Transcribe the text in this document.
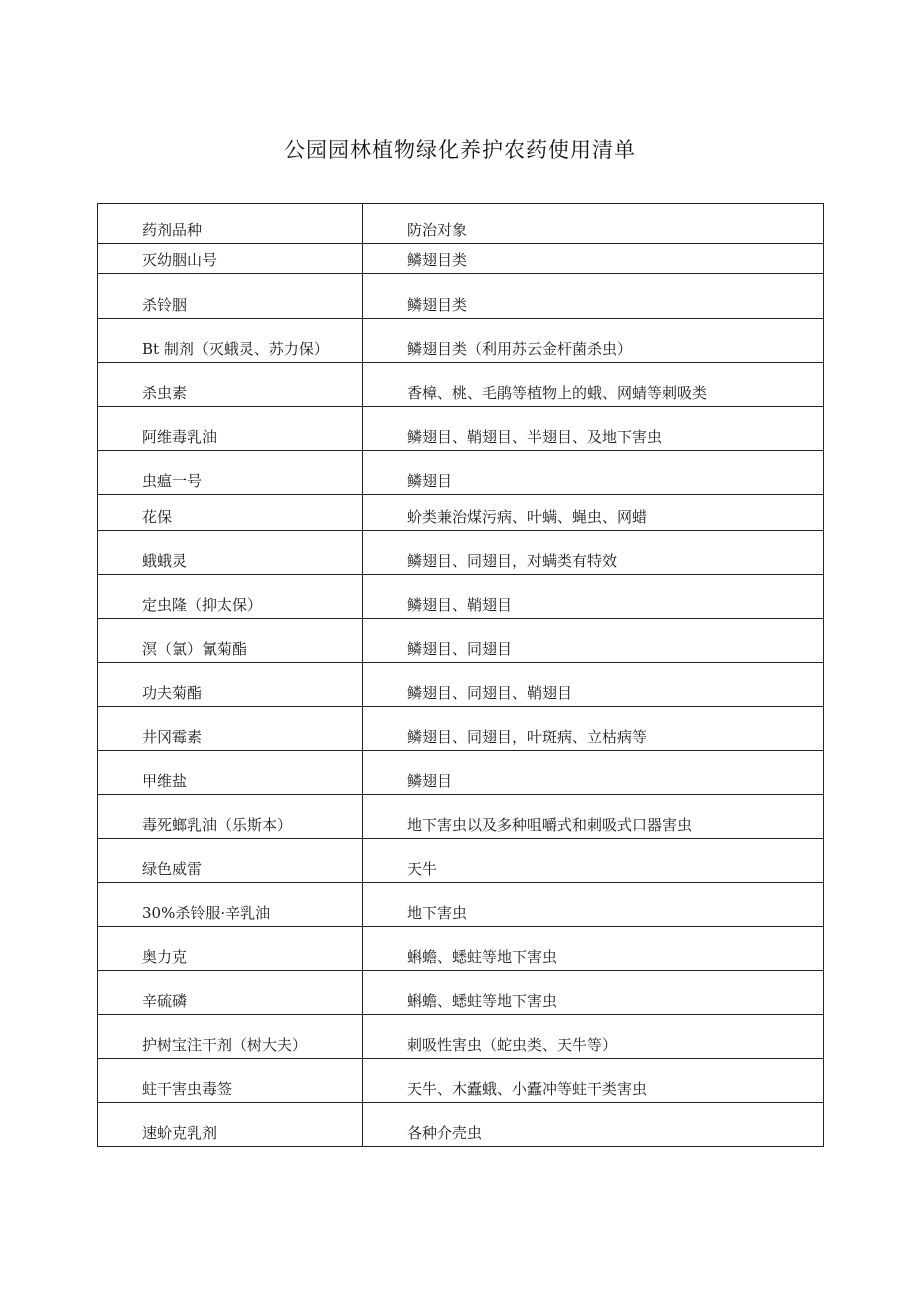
公园园林植物绿化养护农药使用清单
药剂品种	防治对象
灭幼胭山号	鳞翅目类
杀铃胭	鳞翅目类
Bt 制剂（灭蛾灵、苏力保）	鳞翅目类（利用苏云金杆菌杀虫）
杀虫素	香樟、桃、毛鹃等植物上的蛾、网蜻等刺吸类
阿维毒乳油	鳞翅目、鞘翅目、半翅目、及地下害虫
虫瘟一号	鳞翅目
花保	蚧类兼治煤污病、叶螨、蝇虫、网蜡
蛾蛾灵	鳞翅目、同翅目，对螨类有特效
定虫隆（抑太保）	鳞翅目、鞘翅目
溟（氯）氰菊酯	鳞翅目、同翅目
功夫菊酯	鳞翅目、同翅目、鞘翅目
井冈霉素	鳞翅目、同翅目，叶斑病、立枯病等
甲维盐	鳞翅目
毒死螂乳油（乐斯本）	地下害虫以及多种咀嚼式和刺吸式口器害虫
绿色威雷	天牛
30%杀铃服·辛乳油	地下害虫
奥力克	蝌蟾、蟋蛀等地下害虫
辛硫磷	蝌蟾、蟋蛀等地下害虫
护树宝注干剂（树大夫）	刺吸性害虫（蛇虫类、天牛等）
蛀干害虫毒签	天牛、木蠹蛾、小蠹冲等蛀干类害虫
速蚧克乳剂	各种介壳虫
